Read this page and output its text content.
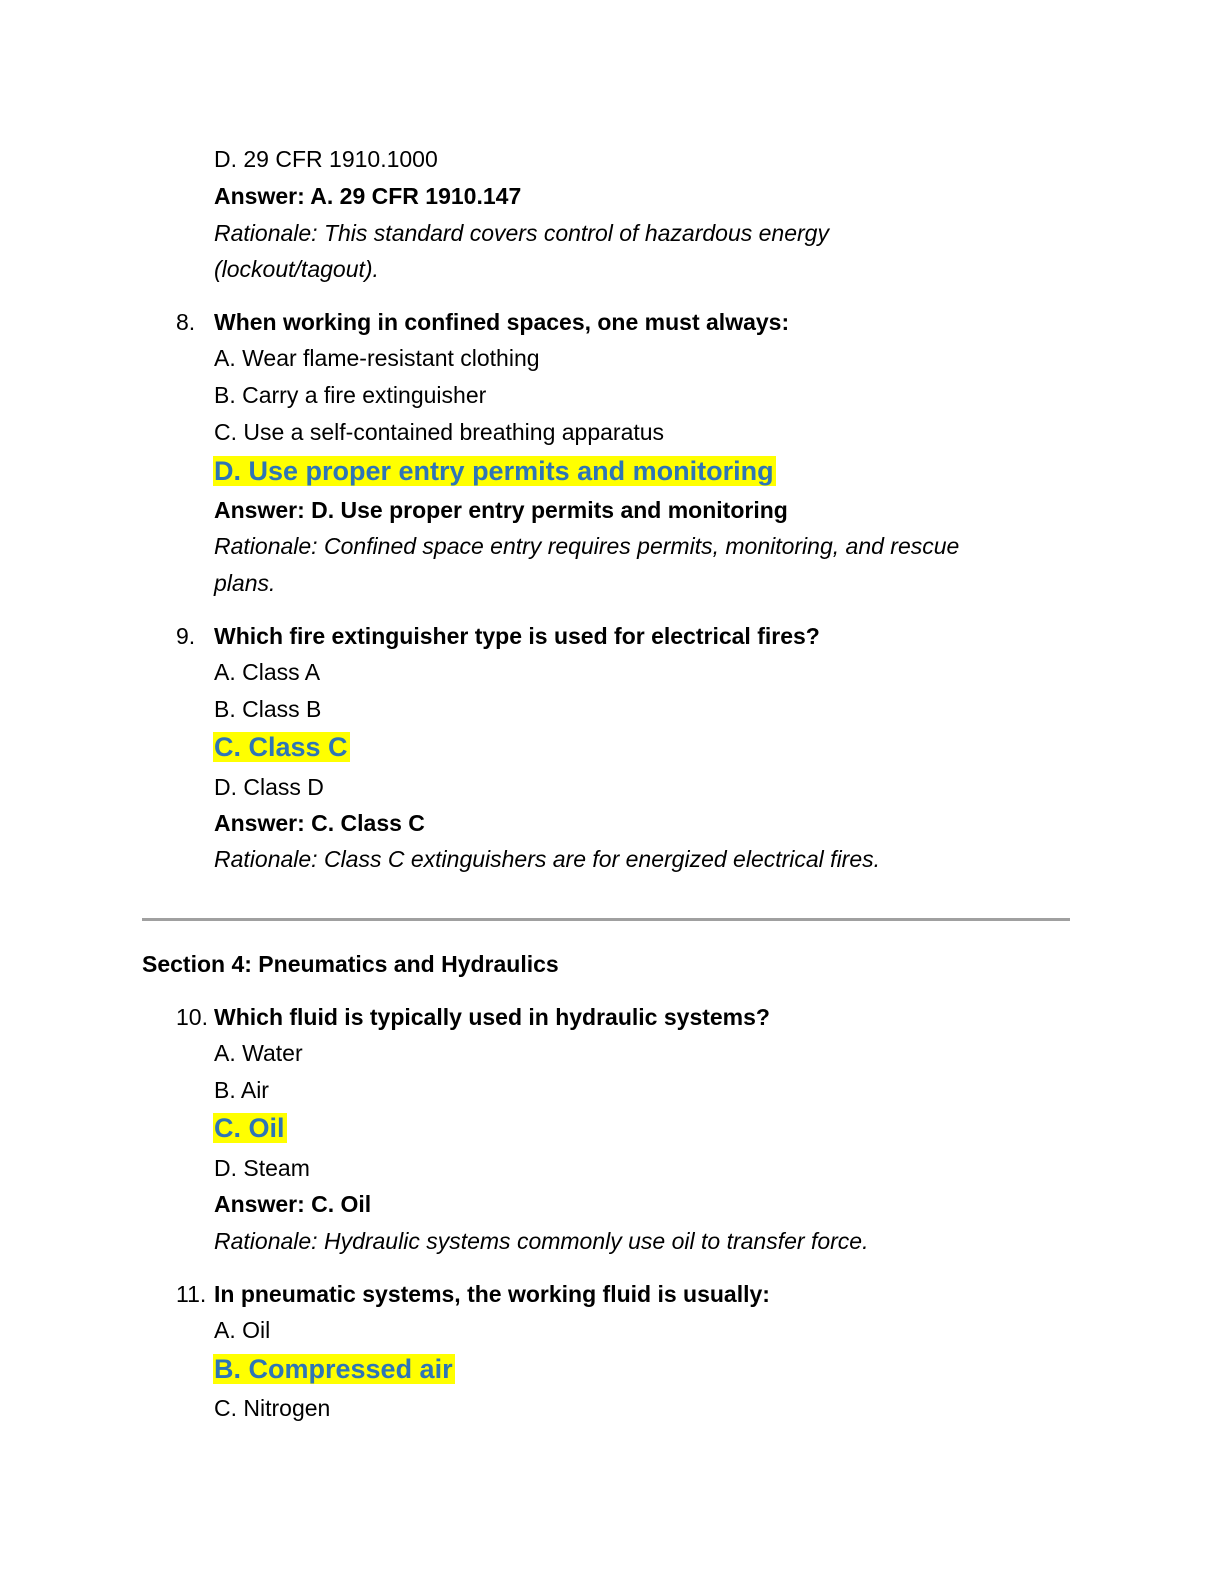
D. 29 CFR 1910.1000
Answer: A. 29 CFR 1910.147
Rationale: This standard covers control of hazardous energy
(lockout/tagout).
8. When working in confined spaces, one must always:
A. Wear flame-resistant clothing
B. Carry a fire extinguisher
C. Use a self-contained breathing apparatus
D. Use proper entry permits and monitoring
Answer: D. Use proper entry permits and monitoring
Rationale: Confined space entry requires permits, monitoring, and rescue
plans.
9. Which fire extinguisher type is used for electrical fires?
A. Class A
B. Class B
C. Class C
D. Class D
Answer: C. Class C
Rationale: Class C extinguishers are for energized electrical fires.
Section 4: Pneumatics and Hydraulics
10. Which fluid is typically used in hydraulic systems?
A. Water
B. Air
C. Oil
D. Steam
Answer: C. Oil
Rationale: Hydraulic systems commonly use oil to transfer force.
11. In pneumatic systems, the working fluid is usually:
A. Oil
B. Compressed air
C. Nitrogen
